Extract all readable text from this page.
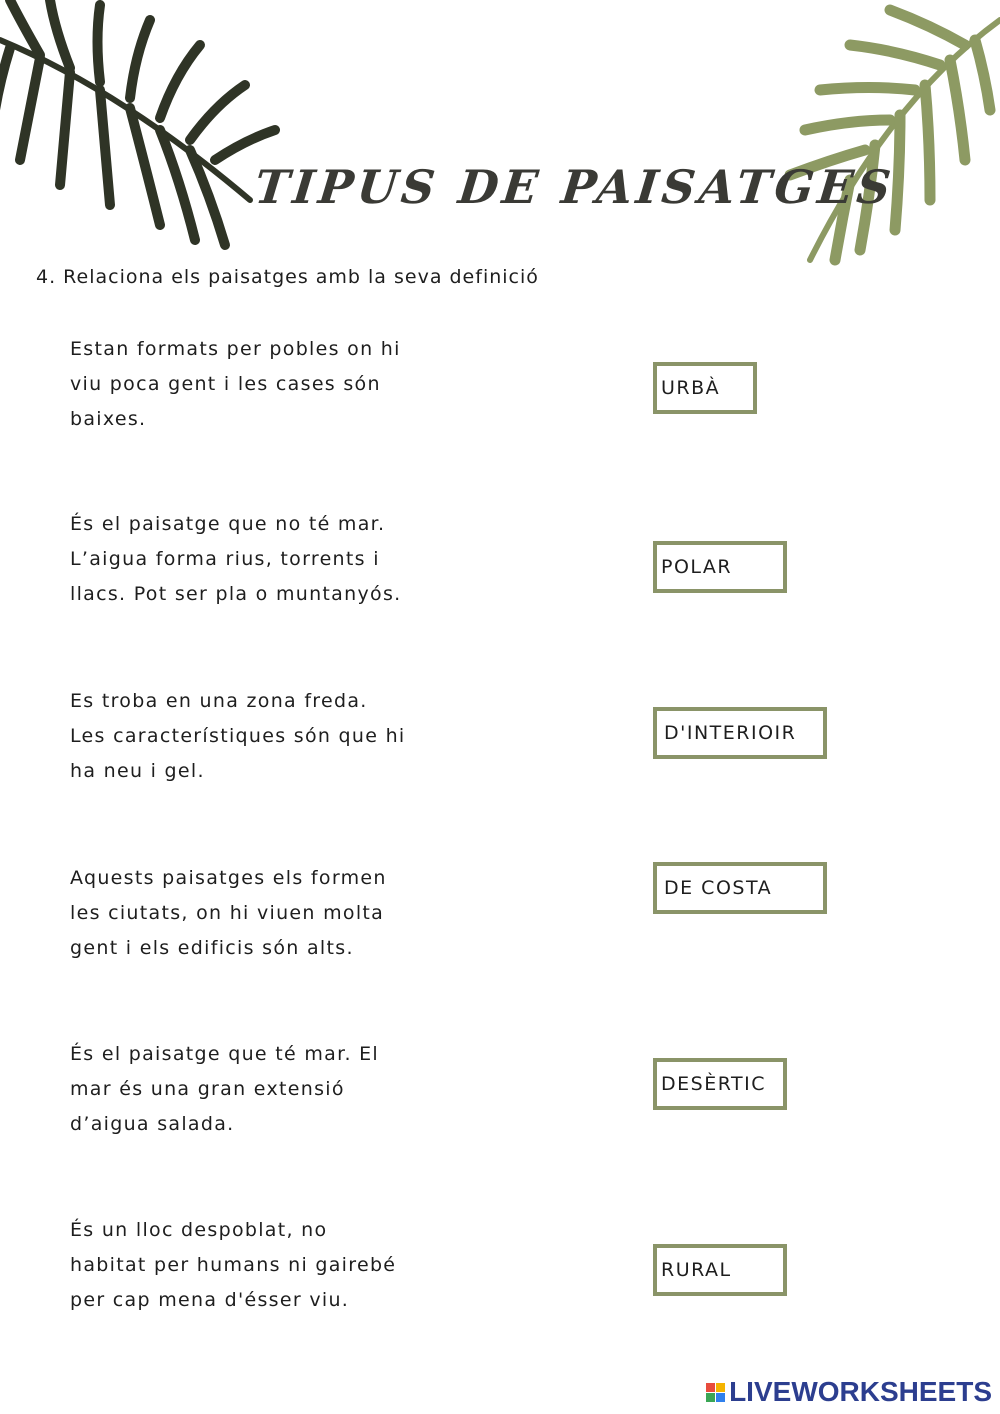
TIPUS DE PAISATGES
4. Relaciona els paisatges amb la seva definició
Estan formats per pobles on hi
viu poca gent i les cases són
baixes.
És el paisatge que no té mar.
L’aigua forma rius, torrents i
llacs. Pot ser pla o muntanyós.
Es troba en una zona freda.
Les característiques són que hi
ha neu i gel.
Aquests paisatges els formen
les ciutats, on hi viuen molta
gent i els edificis són alts.
És el paisatge que té mar. El
mar és una gran extensió
d’aigua salada.
És un lloc despoblat, no
habitat per humans ni gairebé
per cap mena d'ésser viu.
URBÀ
POLAR
D'INTERIOIR
DE COSTA
DESÈRTIC
RURAL
LIVEWORKSHEETS
